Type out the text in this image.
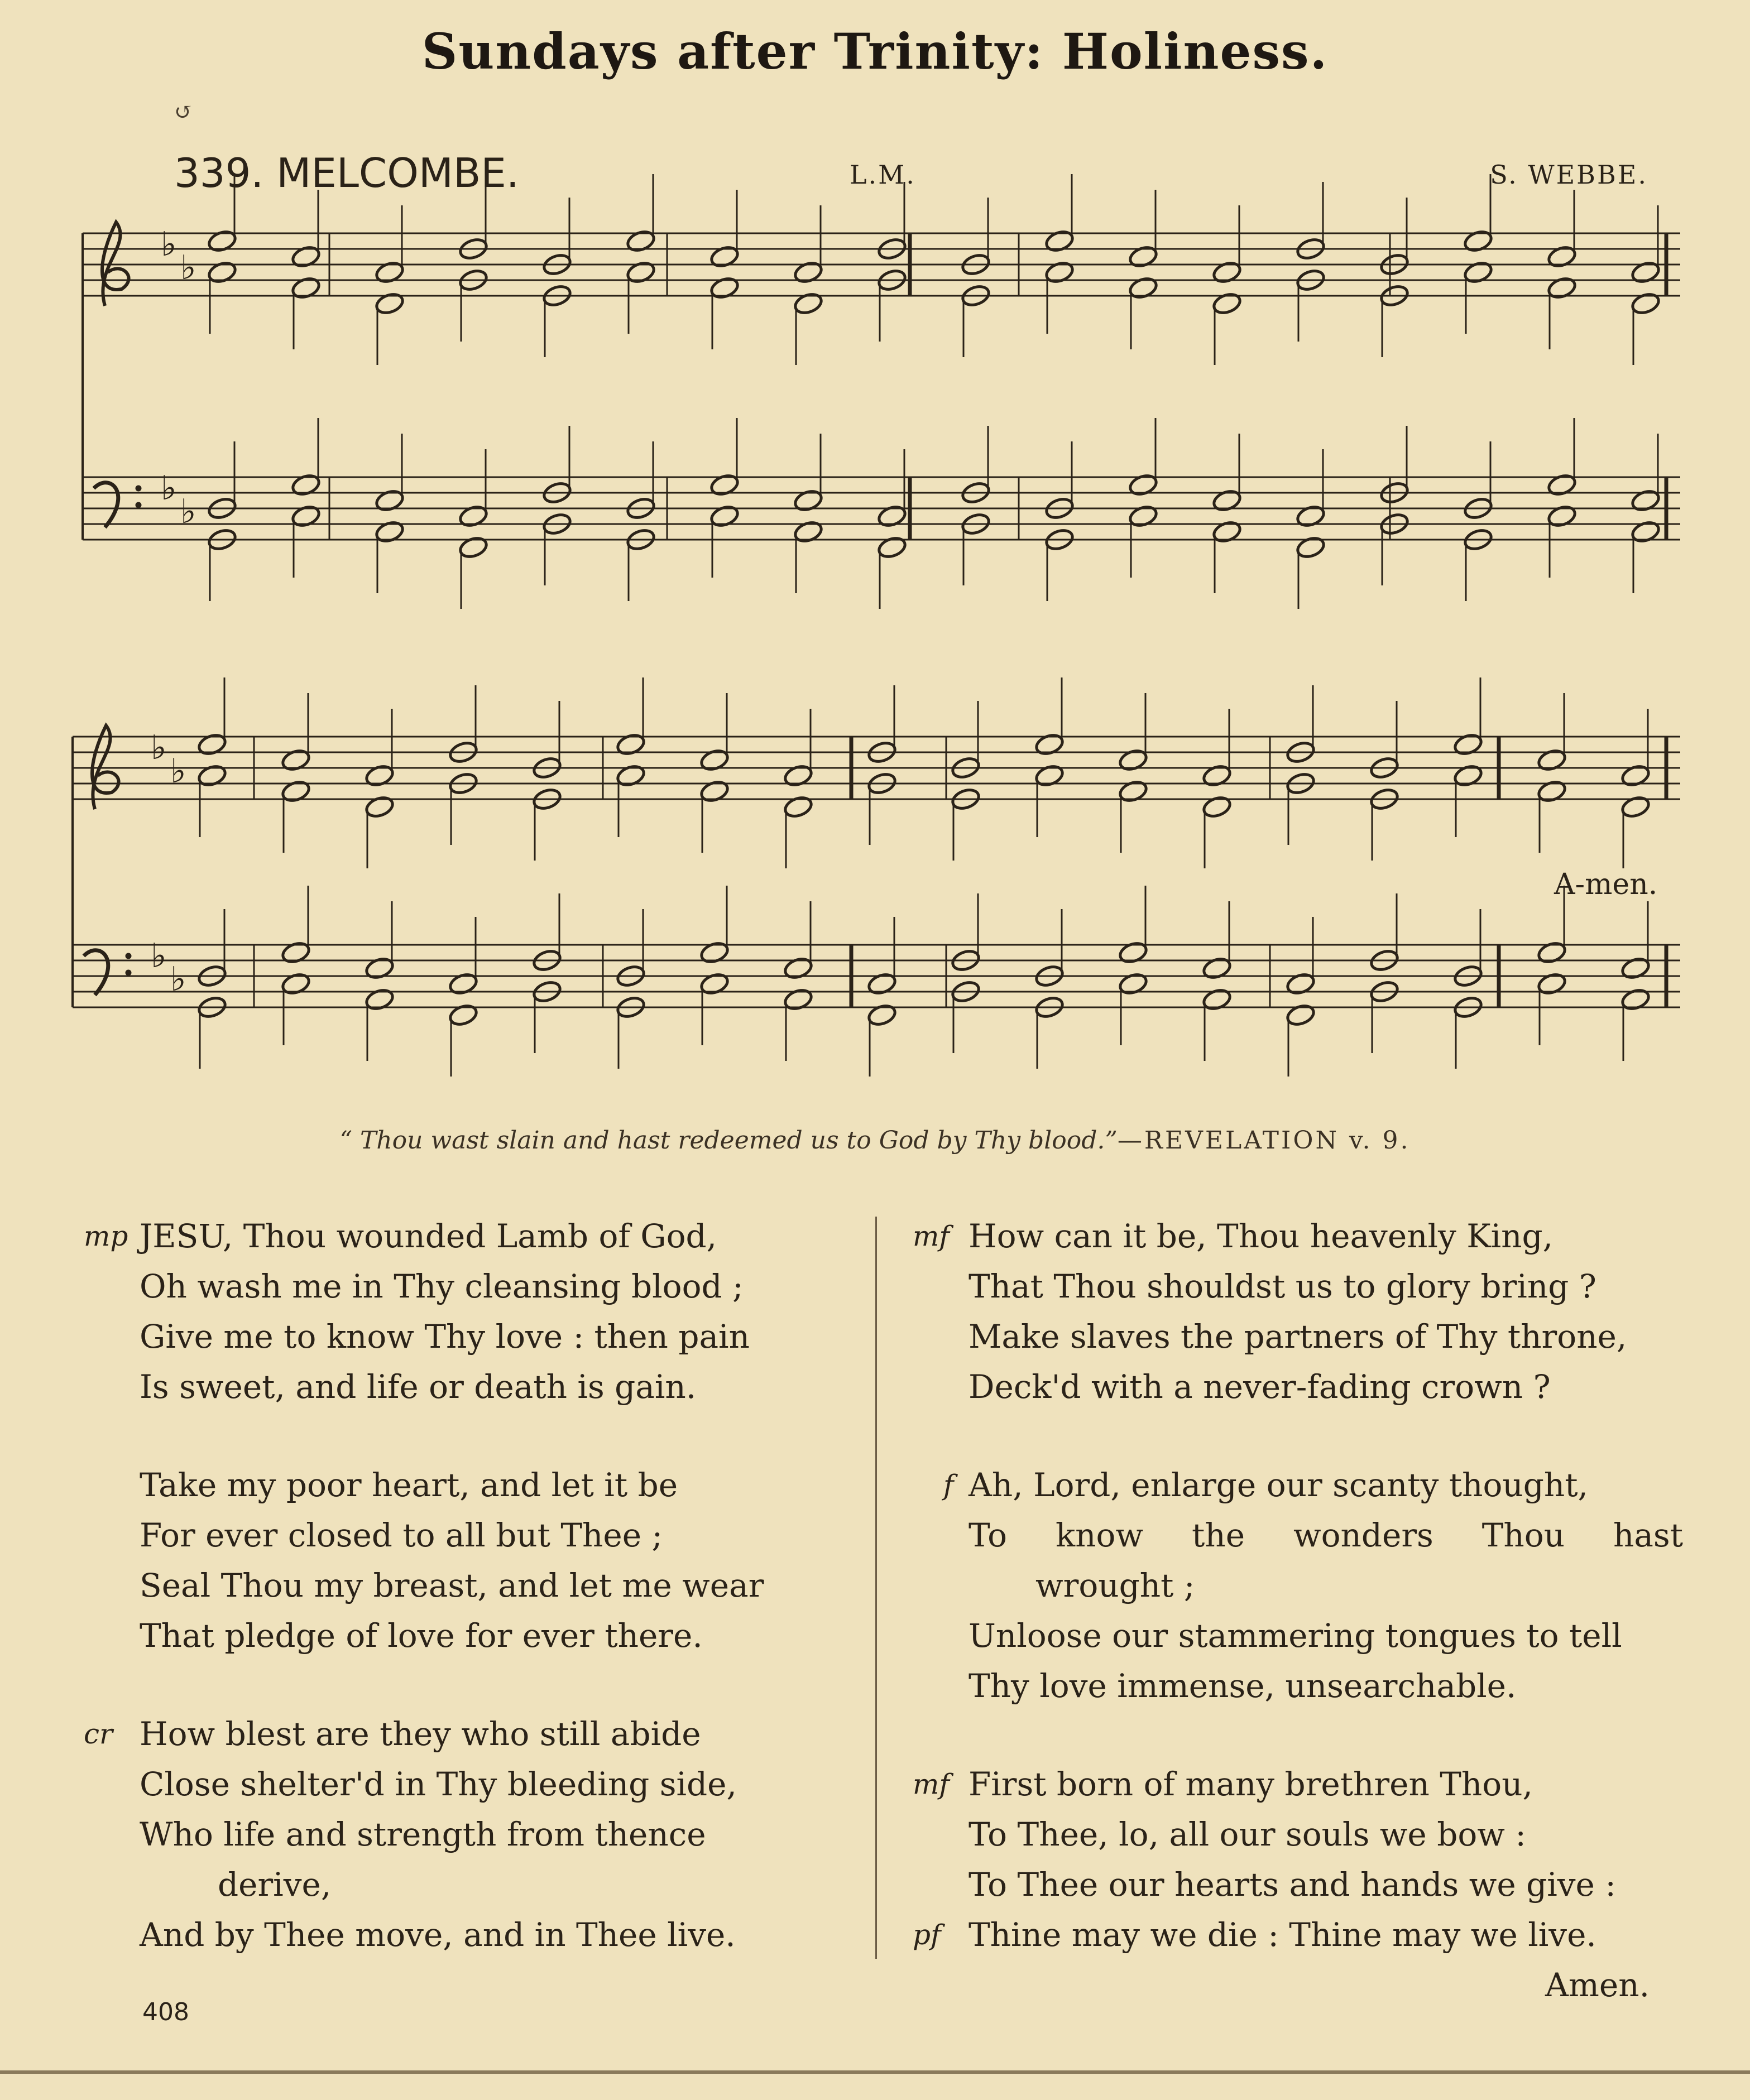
Sundays after Trinity: Holiness.
↺
339. MELCOMBE.	L.M.	S. WEBBE.
♭
♭
♭
♭
♭
♭
♭
♭
A-men.
“ Thou wast slain and hast redeemed us to God by Thy blood.”—REVELATION v. 9.
mp JESU, Thou wounded Lamb of God,
Oh wash me in Thy cleansing blood ;
Give me to know Thy love : then pain
Is sweet, and life or death is gain.
Take my poor heart, and let it be
For ever closed to all but Thee ;
Seal Thou my breast, and let me wear
That pledge of love for ever there.
cr How blest are they who still abide
Close shelter'd in Thy bleeding side,
Who life and strength from thence
derive,
And by Thee move, and in Thee live.
mf How can it be, Thou heavenly King,
That Thou shouldst us to glory bring ?
Make slaves the partners of Thy throne,
Deck'd with a never-fading crown ?
f Ah, Lord, enlarge our scanty thought,
To know the wonders Thou hast
wrought ;
Unloose our stammering tongues to tell
Thy love immense, unsearchable.
mf First born of many brethren Thou,
To Thee, lo, all our souls we bow :
To Thee our hearts and hands we give :
pf Thine may we die : Thine may we live.
Amen.
408
